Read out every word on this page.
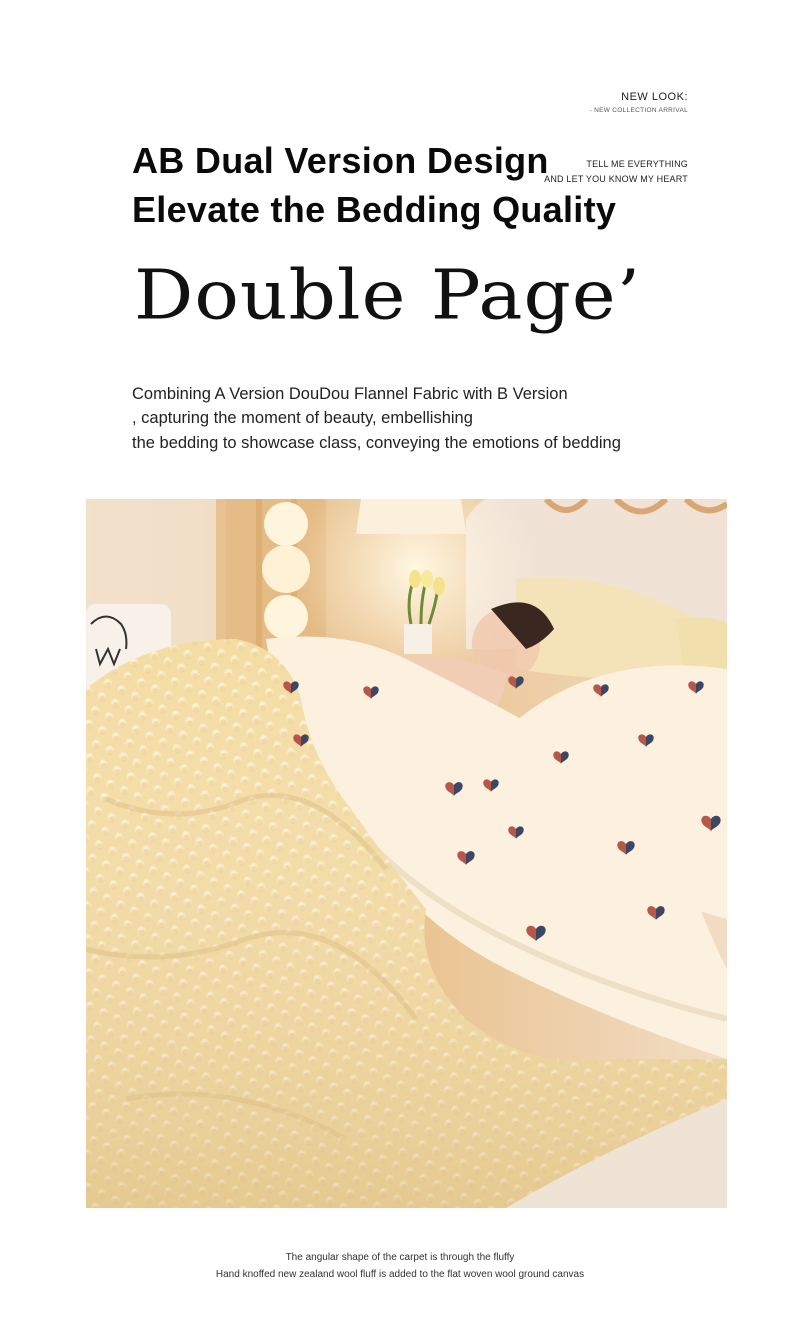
NEW LOOK:
- NEW COLLECTION ARRIVAL
TELL ME EVERYTHING
AND LET YOU KNOW MY HEART
AB Dual Version Design
Elevate the Bedding Quality
Double Page’
Combining A Version DouDou Flannel Fabric with B Version
, capturing the moment of beauty, embellishing
the bedding to showcase class, conveying the emotions of bedding
The angular shape of the carpet is through the fluffy
Hand knoffed new zealand wool fluff is added to the flat woven wool ground canvas
